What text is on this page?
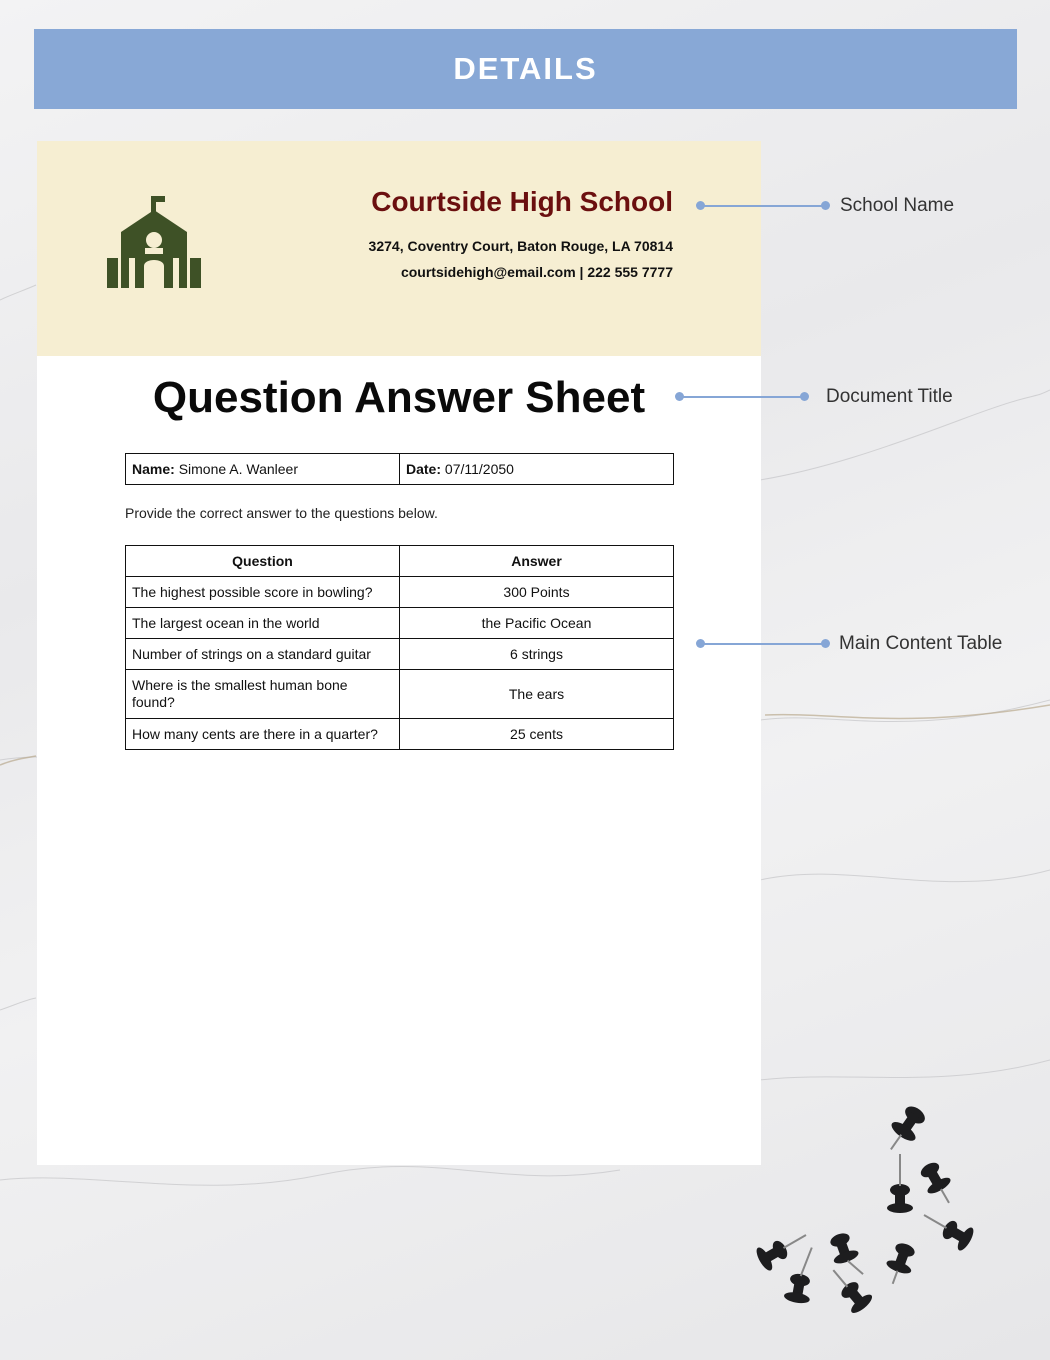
DETAILS
Courtside High School
3274, Coventry Court, Baton Rouge, LA 70814
courtsidehigh@email.com | 222 555 7777
Question Answer Sheet
Name: Simone A. Wanleer	Date: 07/11/2050
Provide the correct answer to the questions below.
Question	Answer
The highest possible score in bowling?	300 Points
The largest ocean in the world	the Pacific Ocean
Number of strings on a standard guitar	6 strings
Where is the smallest human bone found?	The ears
How many cents are there in a quarter?	25 cents
School Name
Document Title
Main Content Table
